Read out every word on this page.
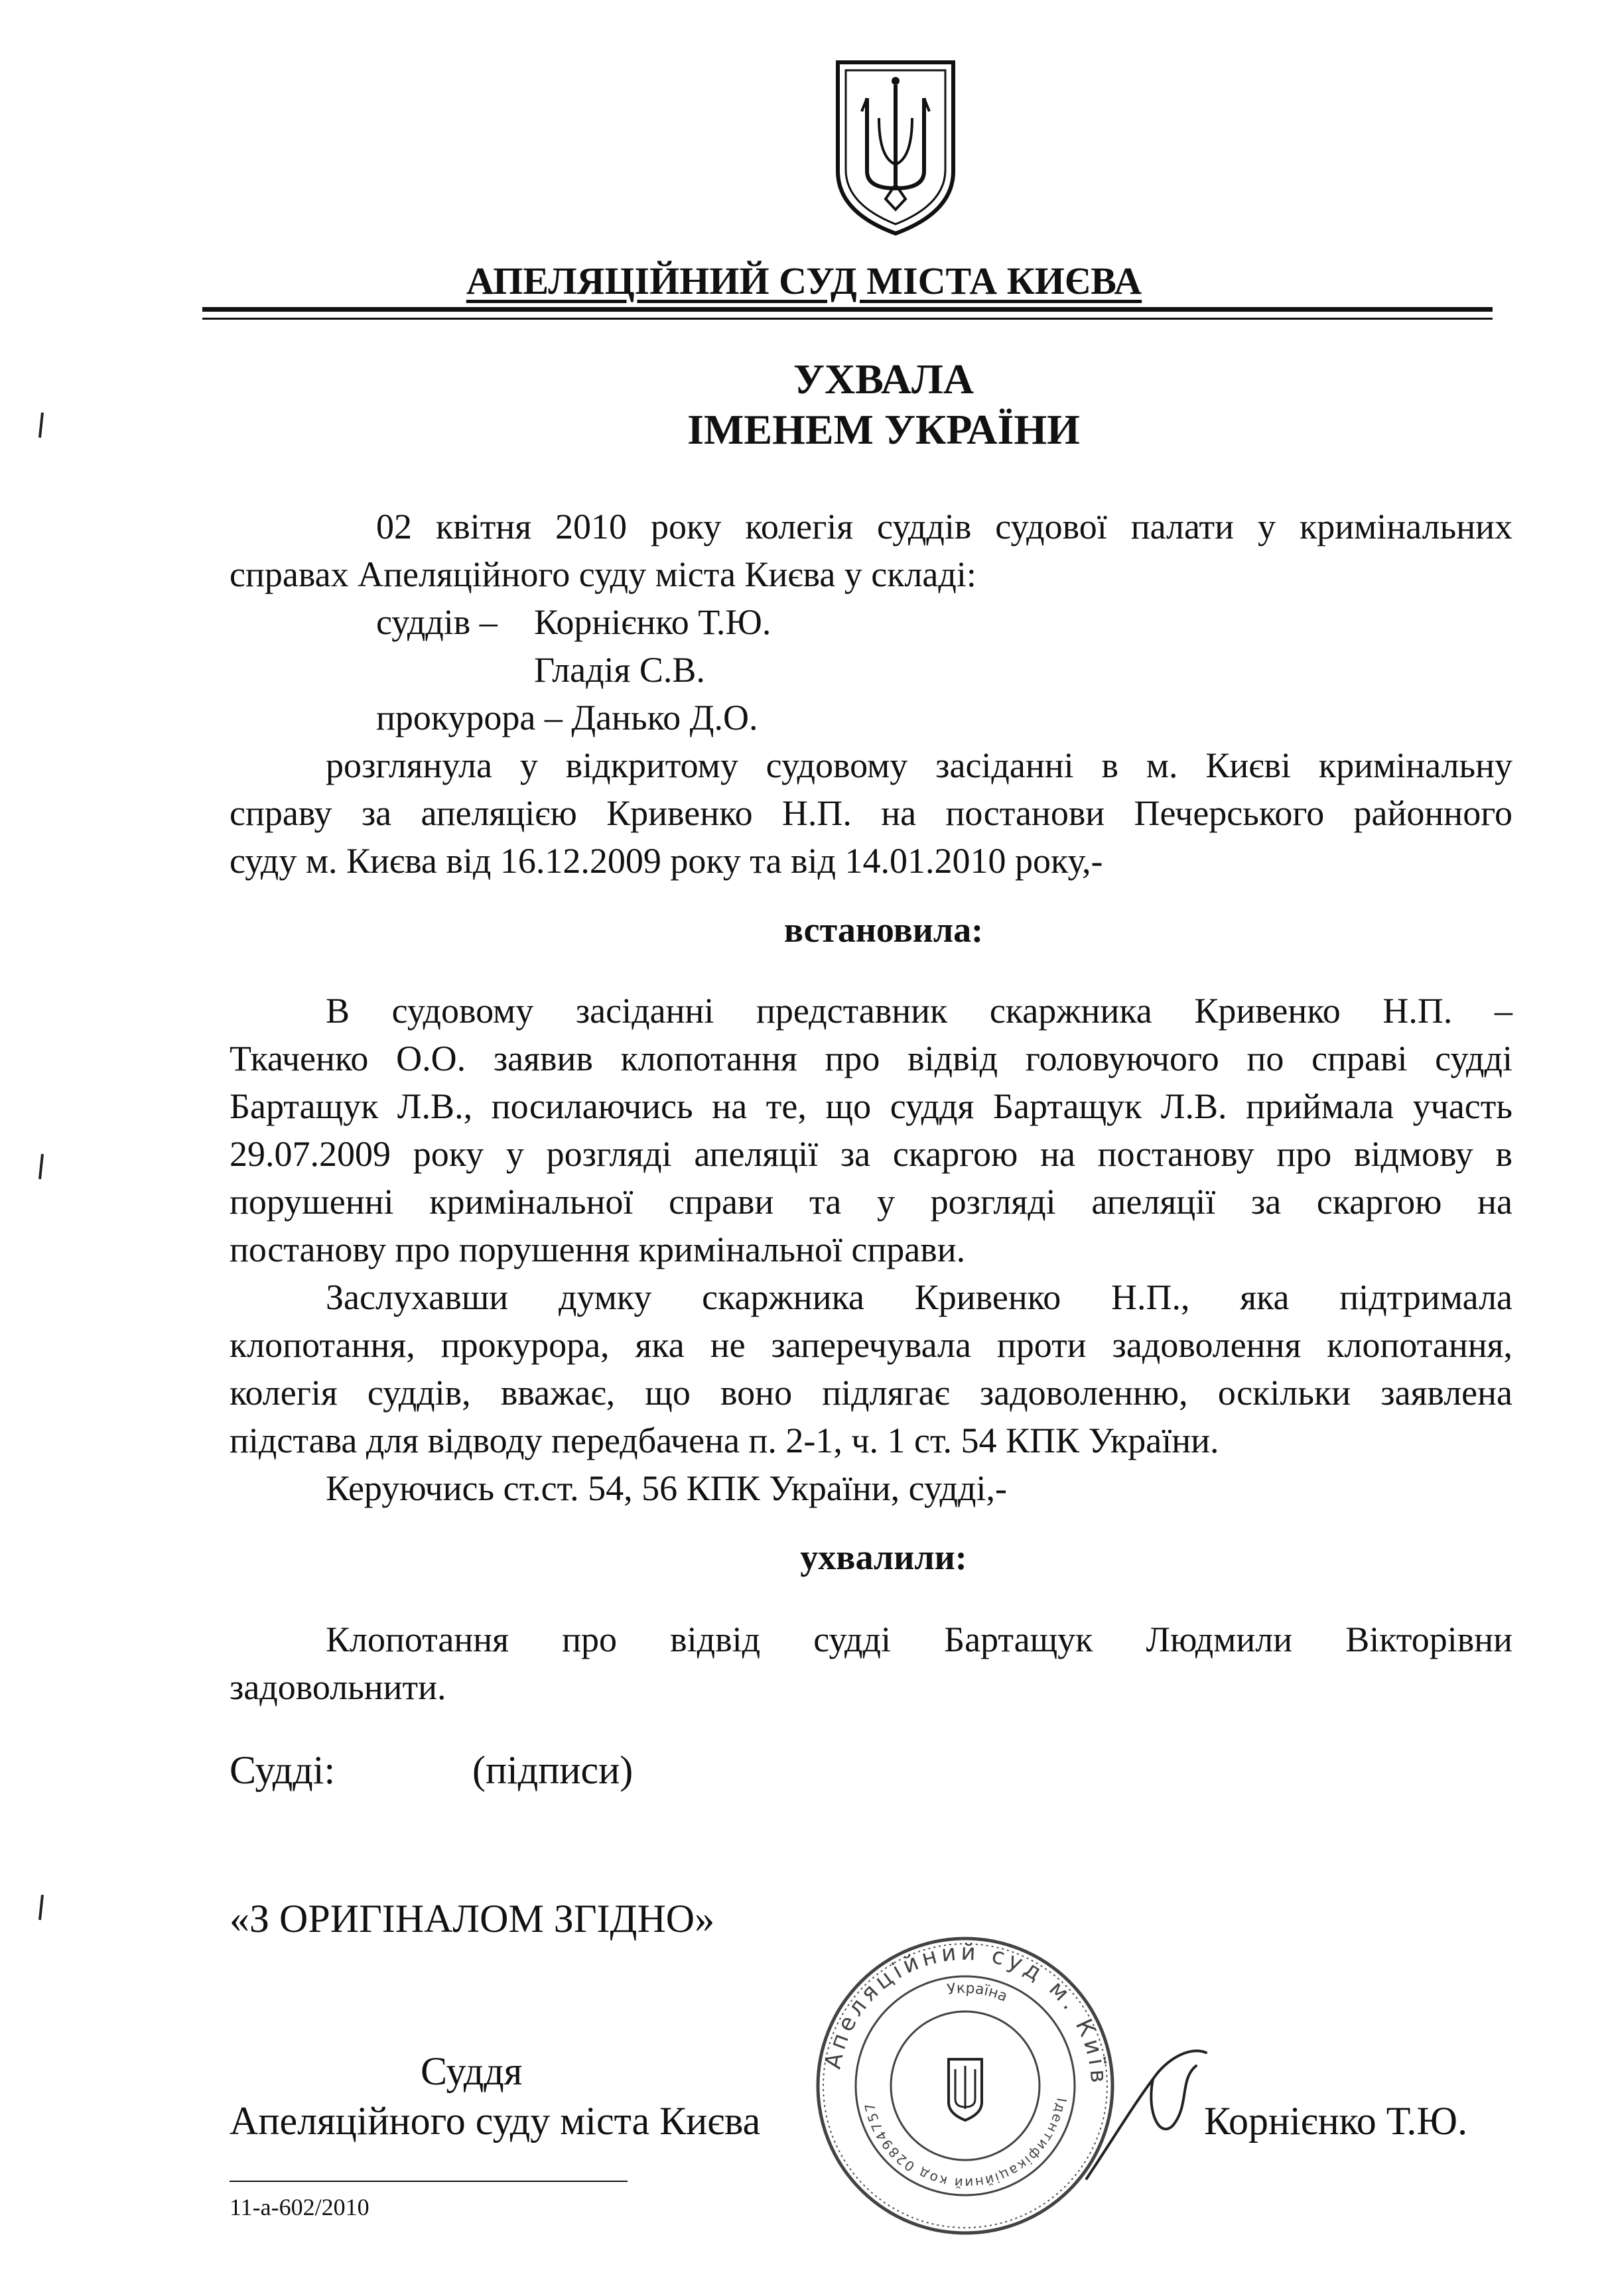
АПЕЛЯЦІЙНИЙ СУД МІСТА КИЄВА
УХВАЛА
ІМЕНЕМ УКРАЇНИ
02 квітня 2010 року колегія суддів судової палати у кримінальних
справах Апеляційного суду міста Києва у складі:
суддів – Корнієнко Т.Ю.
Гладія С.В.
прокурора – Данько Д.О.
розглянула у відкритому судовому засіданні в м. Києві кримінальну
справу за апеляцією Кривенко Н.П. на постанови Печерського районного
суду м. Києва від 16.12.2009 року та від 14.01.2010 року,-
встановила:
В судовому засіданні представник скаржника Кривенко Н.П. –
Ткаченко О.О. заявив клопотання про відвід головуючого по справі судді
Бартащук Л.В., посилаючись на те, що суддя Бартащук Л.В. приймала участь
29.07.2009 року у розгляді апеляції за скаргою на постанову про відмову в
порушенні кримінальної справи та у розгляді апеляції за скаргою на
постанову про порушення кримінальної справи.
Заслухавши думку скаржника Кривенко Н.П., яка підтримала
клопотання, прокурора, яка не заперечувала проти задоволення клопотання,
колегія суддів, вважає, що воно підлягає задоволенню, оскільки заявлена
підстава для відводу передбачена п. 2-1, ч. 1 ст. 54 КПК України.
Керуючись ст.ст. 54, 56 КПК України, судді,-
ухвалили:
Клопотання про відвід судді Бартащук Людмили Вікторівни
задовольнити.
Судді:	(підписи)
«З ОРИГІНАЛОМ ЗГІДНО»
Суддя
Апеляційного суду міста Києва	Корнієнко Т.Ю.
Апеляційний суд м. Київ
Ідентифікаційний код 02894757
Україна
11-а-602/2010
